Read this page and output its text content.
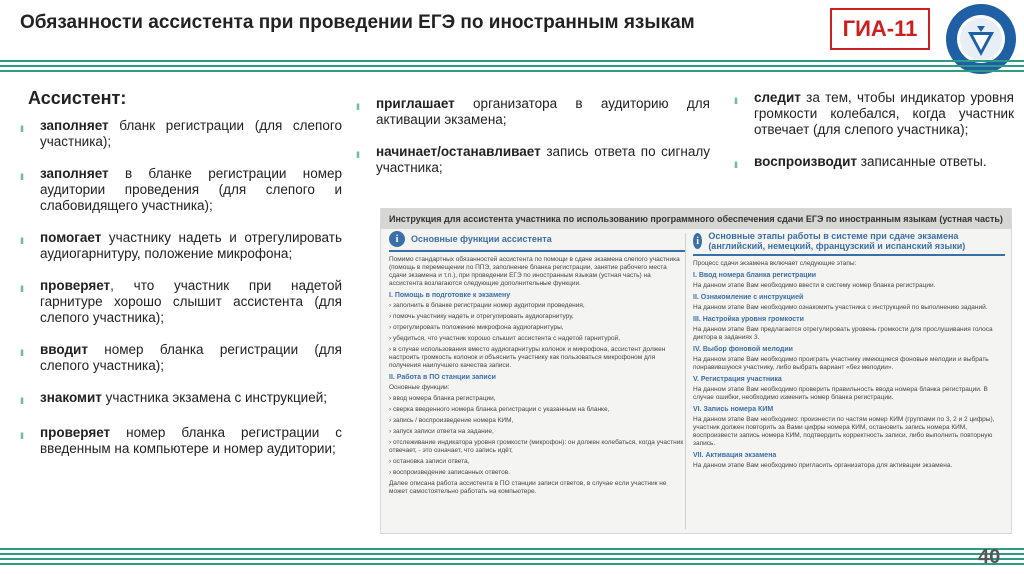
Обязанности ассистента при проведении ЕГЭ по иностранным языкам	ГИА-11
Ассистент:
ΙΙ	заполняет бланк регистрации (для слепого участника);
ΙΙ	заполняет в бланке регистрации номер аудитории проведения (для слепого и слабовидящего участника);
ΙΙ	помогает участнику надеть и отрегулировать аудиогарнитуру, положение микрофона;
ΙΙ	проверяет, что участник при надетой гарнитуре хорошо слышит ассистента (для слепого участника);
ΙΙ	вводит номер бланка регистрации (для слепого участника);
ΙΙ	знакомит участника экзамена с инструкцией;
ΙΙ	проверяет номер бланка регистрации с введенным на компьютере и номер аудитории;
ΙΙ	приглашает организатора в аудиторию для активации экзамена;
ΙΙ	начинает/останавливает запись ответа по сигналу участника;
ΙΙ	следит за тем, чтобы индикатор уровня громкости колебался, когда участник отвечает (для слепого участника);
ΙΙ	воспроизводит записанные ответы.
Инструкция для ассистента участника по использованию программного обеспечения сдачи ЕГЭ по иностранным языкам (устная часть)
i	Основные функции ассистента

Помимо стандартных обязанностей ассистента по помощи в сдаче экзамена слепого участника (помощь в перемещении по ППЭ, заполнение бланка регистрации, занятие рабочего места сдачи экзамена и т.п.), при проведении ЕГЭ по иностранным языкам (устная часть) на ассистента возлагаются следующие дополнительные функции.

I. Помощь в подготовке к экзамену

› заполнить в бланке регистрации номер аудитории проведения,

› помочь участнику надеть и отрегулировать аудиогарнитуру,

› отрегулировать положение микрофона аудиогарнитуры,

› убедиться, что участник хорошо слышит ассистента с надетой гарнитурой,

› в случае использования вместо аудиогарнитуры колонок и микрофона, ассистент должен настроить громкость колонок и объяснить участнику как пользоваться микрофоном для получения наилучшего качества записи.

II. Работа в ПО станции записи

Основные функции:

› ввод номера бланка регистрации,

› сверка введенного номера бланка регистрации с указанным на бланке,

› запись / воспроизведение номера КИМ,

› запуск записи ответа на задание,

› отслеживание индикатора уровня громкости (микрофон): он должен колебаться, когда участник отвечает, - это означает, что запись идёт,

› остановка записи ответа,

› воспроизведение записанных ответов.

Далее описана работа ассистента в ПО станции записи ответов, в случае если участник не может самостоятельно работать на компьютере.

i	Основные этапы работы в системе при сдаче экзамена (английский, немецкий, французский и испанский языки)

Процесс сдачи экзамена включает следующие этапы:

I. Ввод номера бланка регистрации

На данном этапе Вам необходимо ввести в систему номер бланка регистрации.

II. Ознакомление с инструкцией

На данном этапе Вам необходимо ознакомить участника с инструкцией по выполнению заданий.

III. Настройка уровня громкости

На данном этапе Вам предлагается отрегулировать уровень громкости для прослушивания голоса диктора в заданиях 3.

IV. Выбор фоновой мелодии

На данном этапе Вам необходимо проиграть участнику имеющиеся фоновые мелодии и выбрать понравившуюся участнику, либо выбрать вариант «без мелодии».

V. Регистрация участника

На данном этапе Вам необходимо проверить правильность ввода номера бланка регистрации. В случае ошибки, необходимо изменить номер бланка регистрации.

VI. Запись номера КИМ

На данном этапе Вам необходимо: произнести по частям номер КИМ (группами по 3, 2 и 2 цифры), участник должен повторить за Вами цифры номера КИМ, остановить запись номера КИМ, воспроизвести запись номера КИМ, подтвердить корректность записи, либо выполнить повторную запись.

VII. Активация экзамена

На данном этапе Вам необходимо пригласить организатора для активации экзамена.

40
